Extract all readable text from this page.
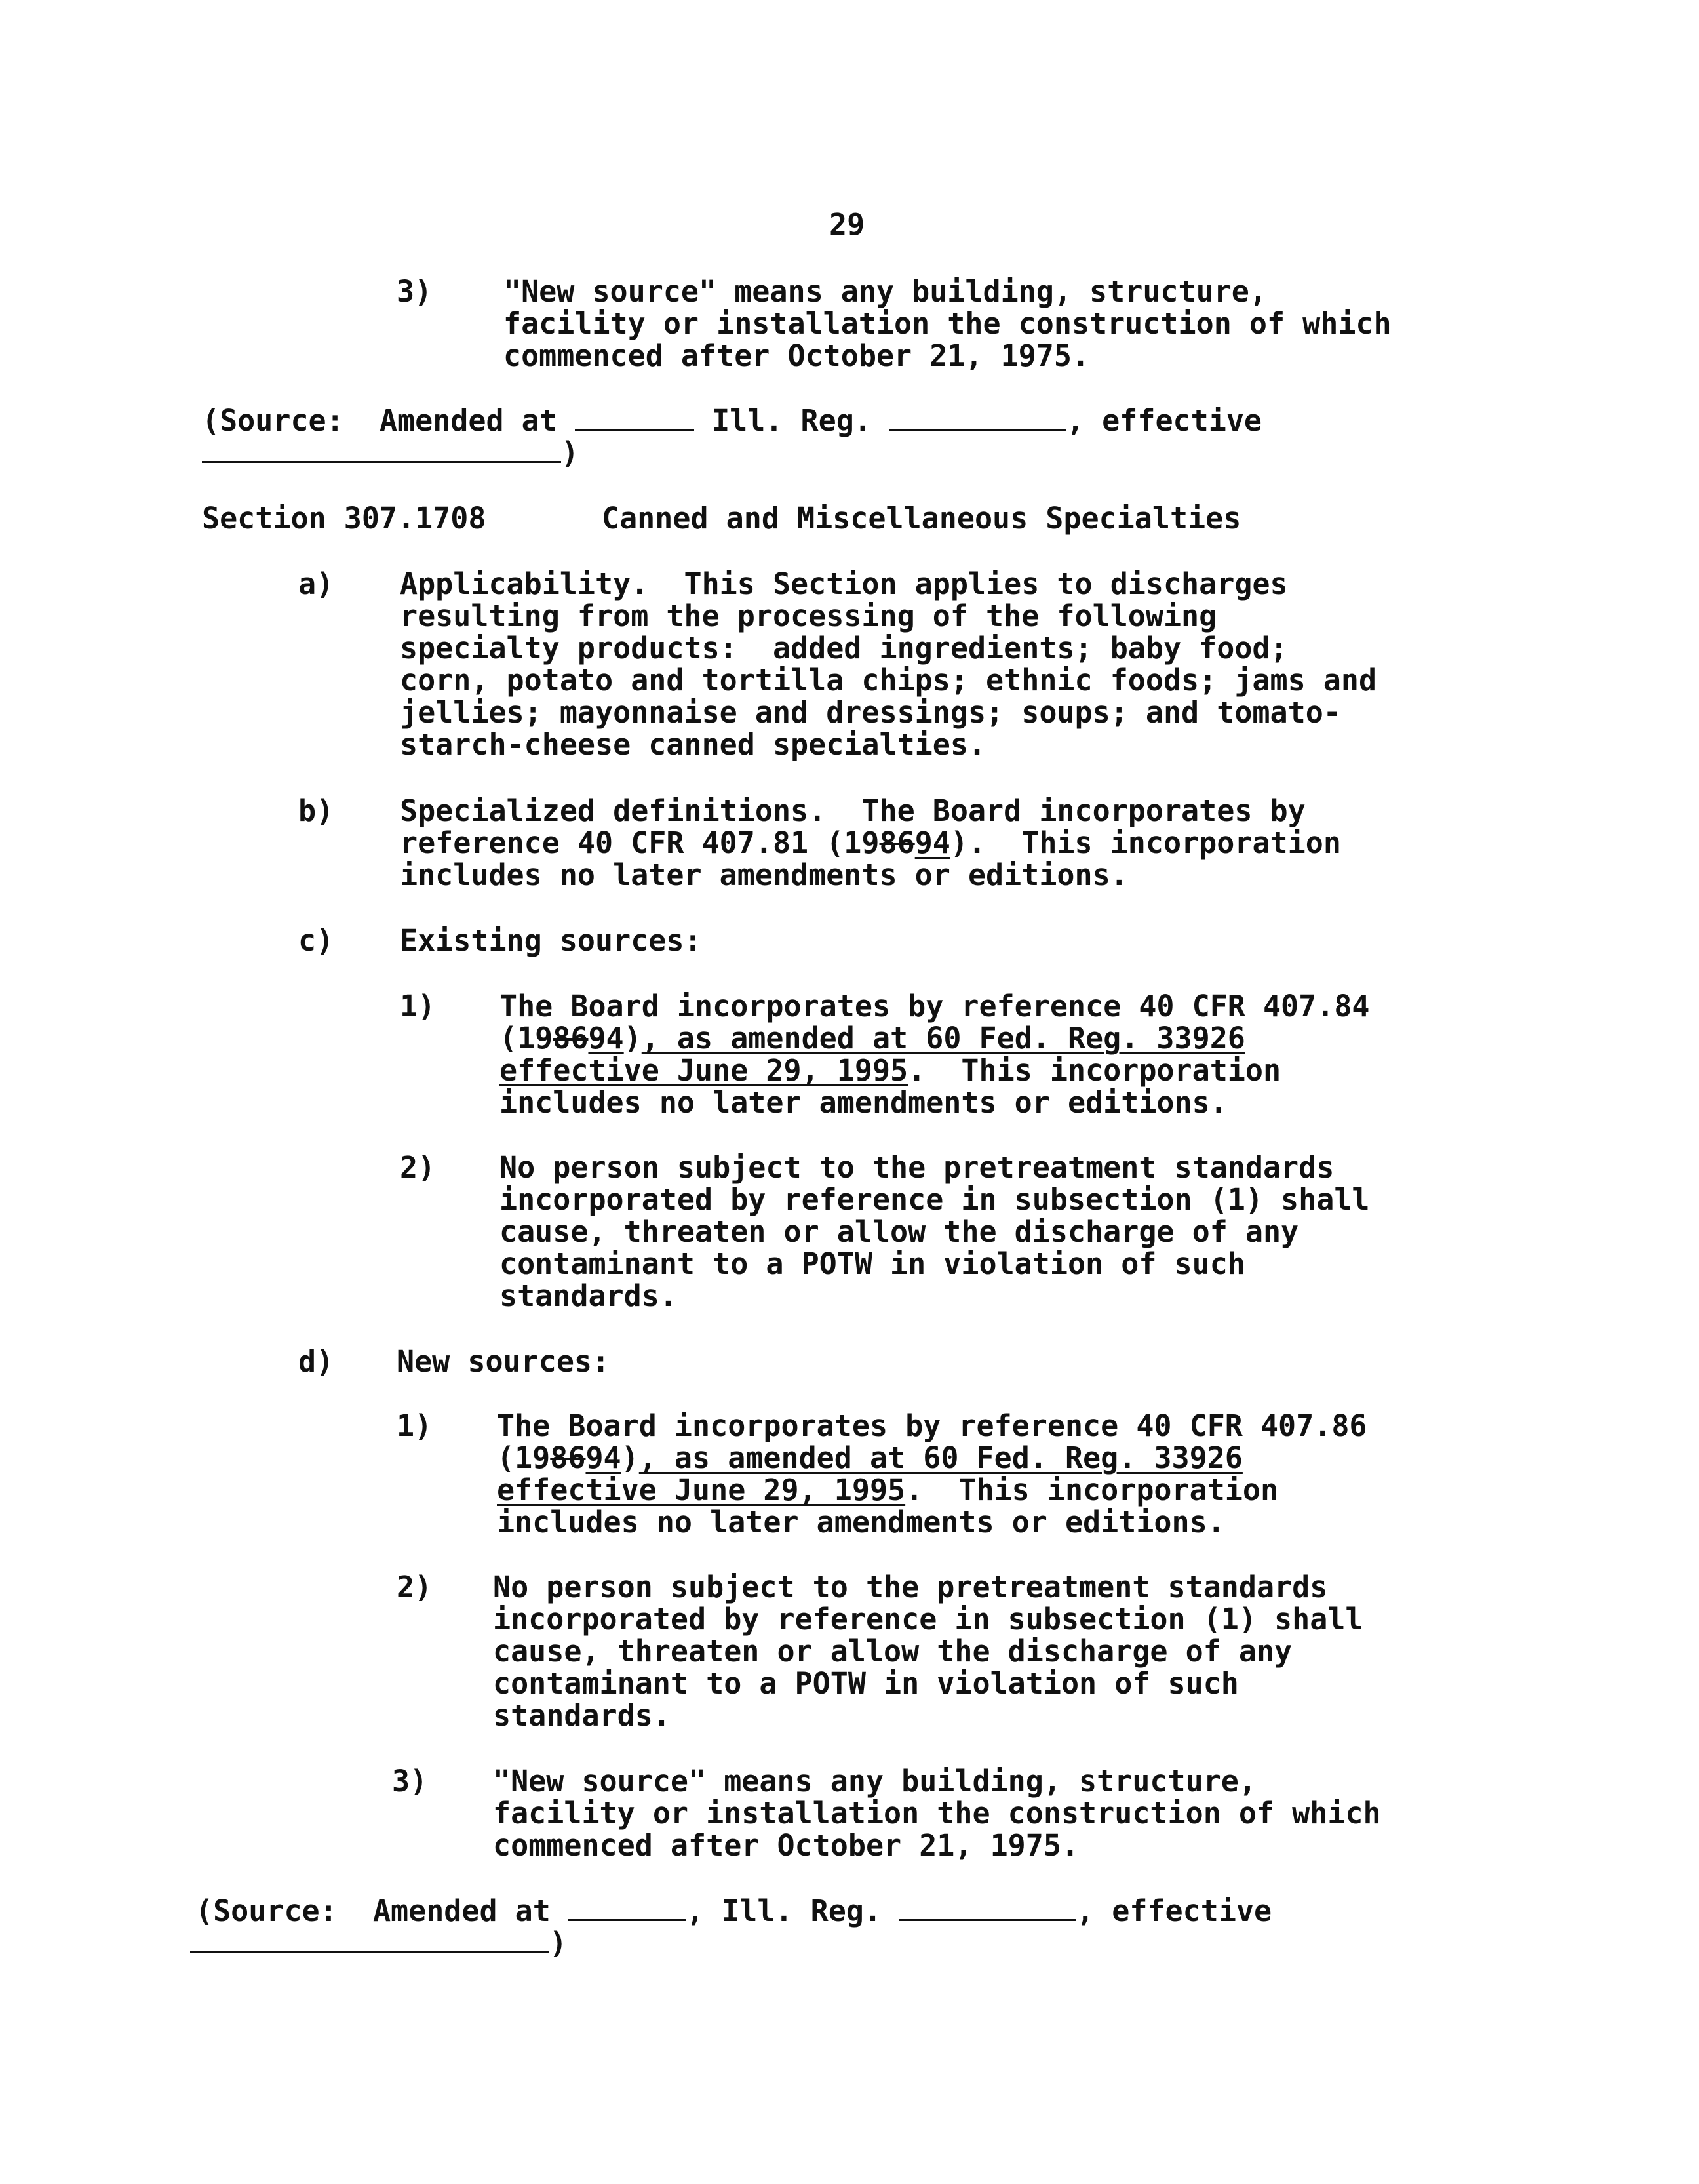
29
3) "New source" means any building, structure,
facility or installation the construction of which
commenced after October 21, 1975.
(Source: Amended at	Ill. Reg.	, effective
)
Section 307.1708	Canned and Miscellaneous Specialties
a) Applicability.  This Section applies to discharges
resulting from the processing of the following
specialty products:  added ingredients; baby food;
corn, potato and tortilla chips; ethnic foods; jams and
jellies; mayonnaise and dressings; soups; and tomato-
starch-cheese canned specialties.
b) Specialized definitions.  The Board incorporates by
reference 40 CFR 407.81 (198694).  This incorporation
includes no later amendments or editions.
c) Existing sources:
1) The Board incorporates by reference 40 CFR 407.84
(198694), as amended at 60 Fed. Reg. 33926
effective June 29, 1995.  This incorporation
includes no later amendments or editions.
2) No person subject to the pretreatment standards
incorporated by reference in subsection (1) shall
cause, threaten or allow the discharge of any
contaminant to a POTW in violation of such
standards.
d) New sources:
1) The Board incorporates by reference 40 CFR 407.86
(198694), as amended at 60 Fed. Reg. 33926
effective June 29, 1995.  This incorporation
includes no later amendments or editions.
2) No person subject to the pretreatment standards
incorporated by reference in subsection (1) shall
cause, threaten or allow the discharge of any
contaminant to a POTW in violation of such
standards.
3) "New source" means any building, structure,
facility or installation the construction of which
commenced after October 21, 1975.
(Source: Amended at	, Ill. Reg.	, effective
)
